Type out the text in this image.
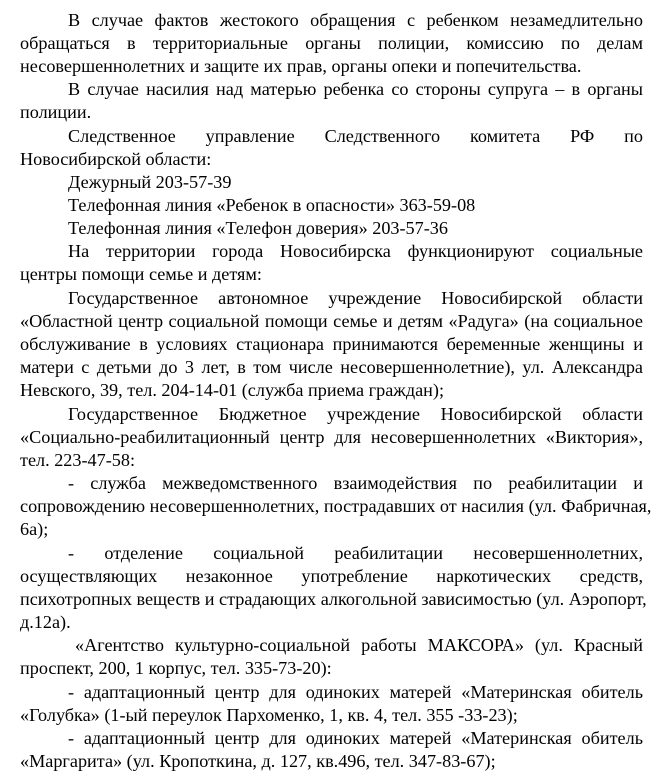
В случае фактов жестокого обращения с ребенком незамедлительно
обращаться в территориальные органы полиции, комиссию по делам
несовершеннолетних и защите их прав, органы опеки и попечительства.
В случае насилия над матерью ребенка со стороны супруга – в органы
полиции.
Следственное управление Следственного комитета РФ по
Новосибирской области:
Дежурный 203-57-39
Телефонная линия «Ребенок в опасности» 363-59-08
Телефонная линия «Телефон доверия» 203-57-36
На территории города Новосибирска функционируют социальные
центры помощи семье и детям:
Государственное автономное учреждение Новосибирской области
«Областной центр социальной помощи семье и детям «Радуга» (на социальное
обслуживание в условиях стационара принимаются беременные женщины и
матери с детьми до 3 лет, в том числе несовершеннолетние), ул. Александра
Невского, 39, тел. 204-14-01 (служба приема граждан);
Государственное Бюджетное учреждение Новосибирской области
«Социально-реабилитационный центр для несовершеннолетних «Виктория»,
тел. 223-47-58:
- служба межведомственного взаимодействия по реабилитации и
сопровождению несовершеннолетних, пострадавших от насилия (ул. Фабричная,
6а);
- отделение социальной реабилитации несовершеннолетних,
осуществляющих незаконное употребление наркотических средств,
психотропных веществ и страдающих алкогольной зависимостью (ул. Аэропорт,
д.12а).
«Агентство культурно-социальной работы МАКСОРА» (ул. Красный
проспект, 200, 1 корпус, тел. 335-73-20):
- адаптационный центр для одиноких матерей «Материнская обитель
«Голубка» (1-ый переулок Пархоменко, 1, кв. 4, тел. 355 -33-23);
- адаптационный центр для одиноких матерей «Материнская обитель
«Маргарита» (ул. Кропоткина, д. 127, кв.496, тел. 347-83-67);
